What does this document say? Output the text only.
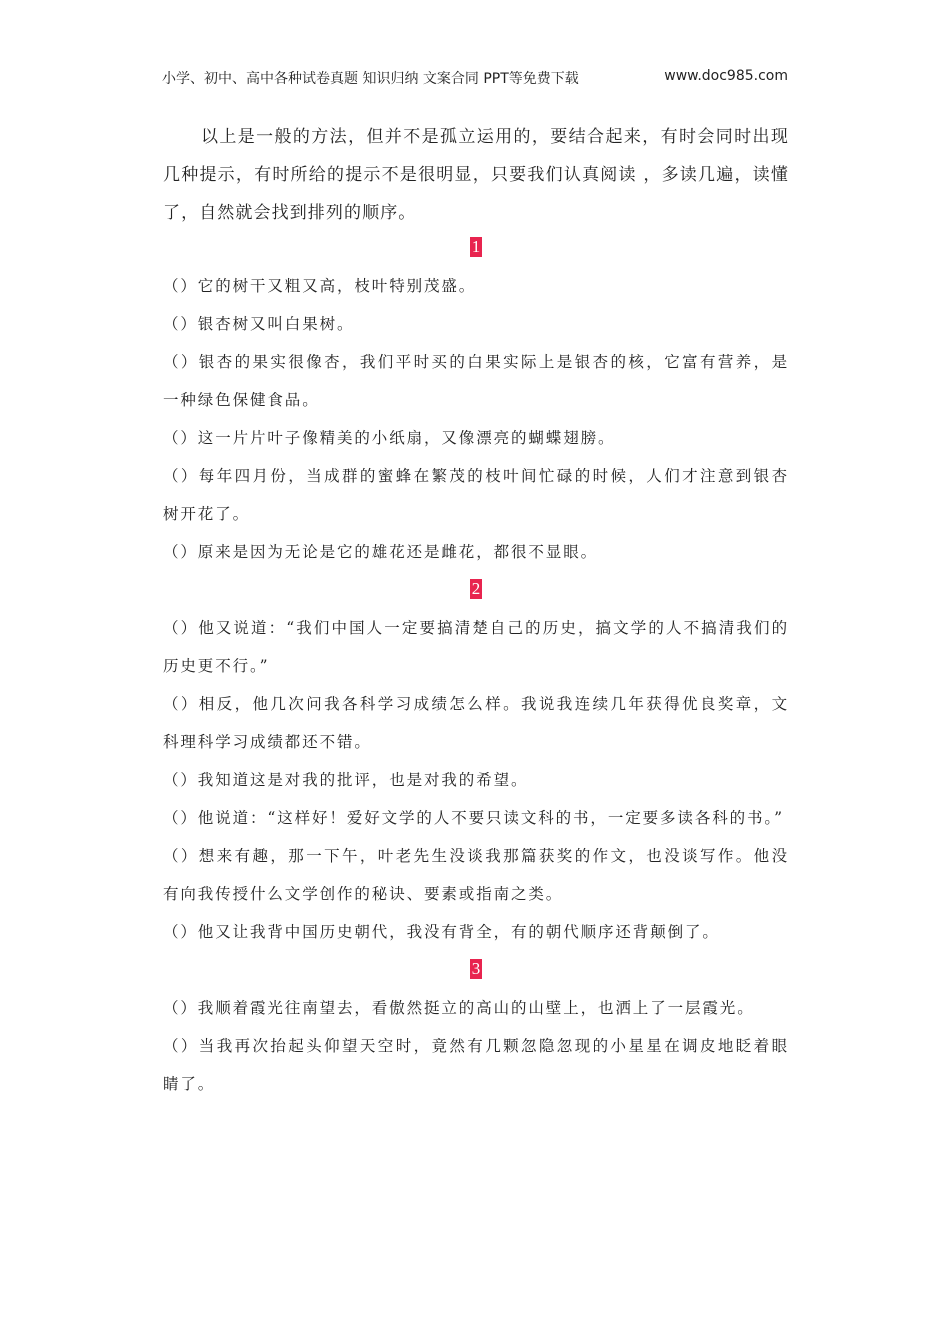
小学、初中、高中各种试卷真题 知识归纳 文案合同 PPT等免费下载	www.doc985.com

以上是一般的方法，但并不是孤立运用的，要结合起来，有时会同时出现几种提示，有时所给的提示不是很明显，只要我们认真阅读 ，多读几遍，读懂了，自然就会找到排列的顺序。

1

（）它的树干又粗又高，枝叶特别茂盛。

（）银杏树又叫白果树。

（）银杏的果实很像杏，我们平时买的白果实际上是银杏的核，它富有营养，是一种绿色保健食品。

（）这一片片叶子像精美的小纸扇，又像漂亮的蝴蝶翅膀。

（）每年四月份，当成群的蜜蜂在繁茂的枝叶间忙碌的时候，人们才注意到银杏树开花了。

（）原来是因为无论是它的雄花还是雌花，都很不显眼。

2

（）他又说道：“我们中国人一定要搞清楚自己的历史，搞文学的人不搞清我们的历史更不行。”

（）相反，他几次问我各科学习成绩怎么样。我说我连续几年获得优良奖章，文科理科学习成绩都还不错。

（）我知道这是对我的批评，也是对我的希望。

（）他说道：“这样好！爱好文学的人不要只读文科的书，一定要多读各科的书。”

（）想来有趣，那一下午，叶老先生没谈我那篇获奖的作文，也没谈写作。他没有向我传授什么文学创作的秘诀、要素或指南之类。

（）他又让我背中国历史朝代，我没有背全，有的朝代顺序还背颠倒了。

3

（）我顺着霞光往南望去，看傲然挺立的高山的山壁上，也洒上了一层霞光。

（）当我再次抬起头仰望天空时，竟然有几颗忽隐忽现的小星星在调皮地眨着眼睛了。
